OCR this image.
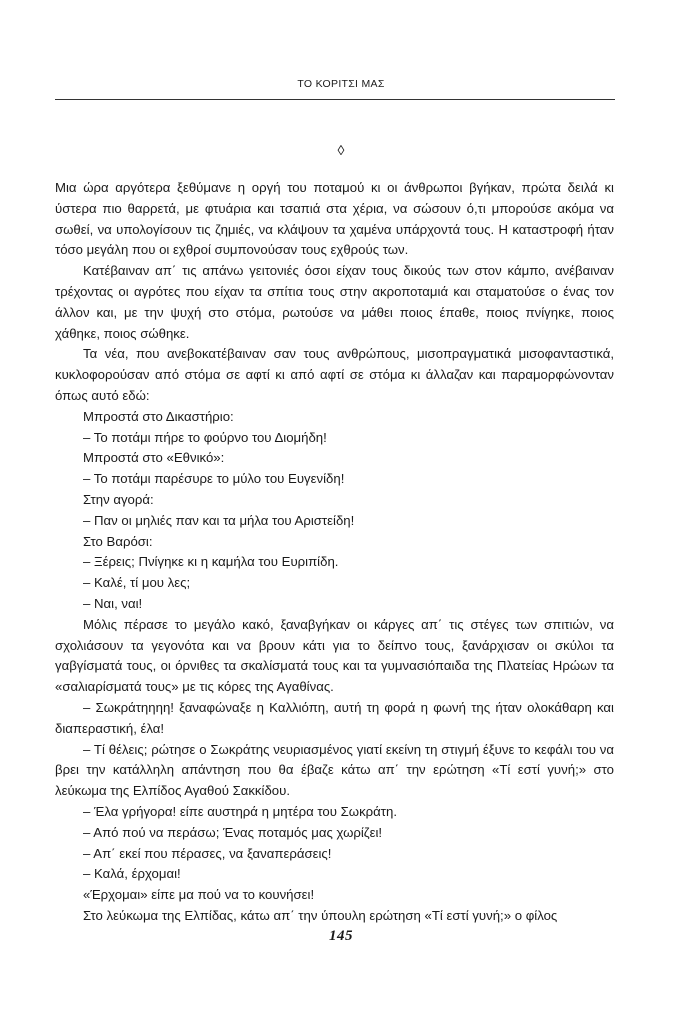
ΤΟ ΚΟΡΙΤΣΙ ΜΑΣ
◊

Μια ώρα αργότερα ξεθύμανε η οργή του ποταμού κι οι άνθρωποι βγήκαν, πρώτα δειλά κι ύστερα πιο θαρρετά, με φτυάρια και τσαπιά στα χέρια, να σώσουν ό,τι μπορούσε ακόμα να σωθεί, να υπολογίσουν τις ζημιές, να κλάψουν τα χαμένα υπάρχοντά τους. Η καταστροφή ήταν τόσο μεγάλη που οι εχθροί συμπονούσαν τους εχθρούς των.

Κατέβαιναν απ΄ τις απάνω γειτονιές όσοι είχαν τους δικούς των στον κάμπο, ανέβαιναν τρέχοντας οι αγρότες που είχαν τα σπίτια τους στην ακροποταμιά και σταματούσε ο ένας τον άλλον και, με την ψυχή στο στόμα, ρωτούσε να μάθει ποιος έπαθε, ποιος πνίγηκε, ποιος χάθηκε, ποιος σώθηκε.

Τα νέα, που ανεβοκατέβαιναν σαν τους ανθρώπους, μισοπραγματικά μισοφανταστικά, κυκλοφορούσαν από στόμα σε αφτί κι από αφτί σε στόμα κι άλλαζαν και παραμορφώνονταν όπως αυτό εδώ:

Μπροστά στο Δικαστήριο:

– Το ποτάμι πήρε το φούρνο του Διομήδη!

Μπροστά στο «Εθνικό»:

– Το ποτάμι παρέσυρε το μύλο του Ευγενίδη!

Στην αγορά:

– Παν οι μηλιές παν και τα μήλα του Αριστείδη!

Στο Βαρόσι:

– Ξέρεις; Πνίγηκε κι η καμήλα του Ευριπίδη.

– Καλέ, τί μου λες;

– Ναι, ναι!

Μόλις πέρασε το μεγάλο κακό, ξαναβγήκαν οι κάργες απ΄ τις στέγες των σπιτιών, να σχολιάσουν τα γεγονότα και να βρουν κάτι για το δείπνο τους, ξανάρχισαν οι σκύλοι τα γαβγίσματά τους, οι όρνιθες τα σκαλίσματά τους και τα γυμνασιόπαιδα της Πλατείας Ηρώων τα «σαλιαρίσματά τους» με τις κόρες της Αγαθίνας.

– Σωκράτηηηη! ξαναφώναξε η Καλλιόπη, αυτή τη φορά η φωνή της ήταν ολοκάθαρη και διαπεραστική, έλα!

– Τί θέλεις; ρώτησε ο Σωκράτης νευριασμένος γιατί εκείνη τη στιγμή έξυνε το κεφάλι του να βρει την κατάλληλη απάντηση που θα έβαζε κάτω απ΄ την ερώτηση «Τί εστί γυνή;» στο λεύκωμα της Ελπίδος Αγαθού Σακκίδου.

– Έλα γρήγορα! είπε αυστηρά η μητέρα του Σωκράτη.

– Από πού να περάσω; Ένας ποταμός μας χωρίζει!

– Απ΄ εκεί που πέρασες, να ξαναπεράσεις!

– Καλά, έρχομαι!

«Έρχομαι» είπε μα πού να το κουνήσει!

Στο λεύκωμα της Ελπίδας, κάτω απ΄ την ύπουλη ερώτηση «Τί εστί γυνή;» ο φίλος

145
